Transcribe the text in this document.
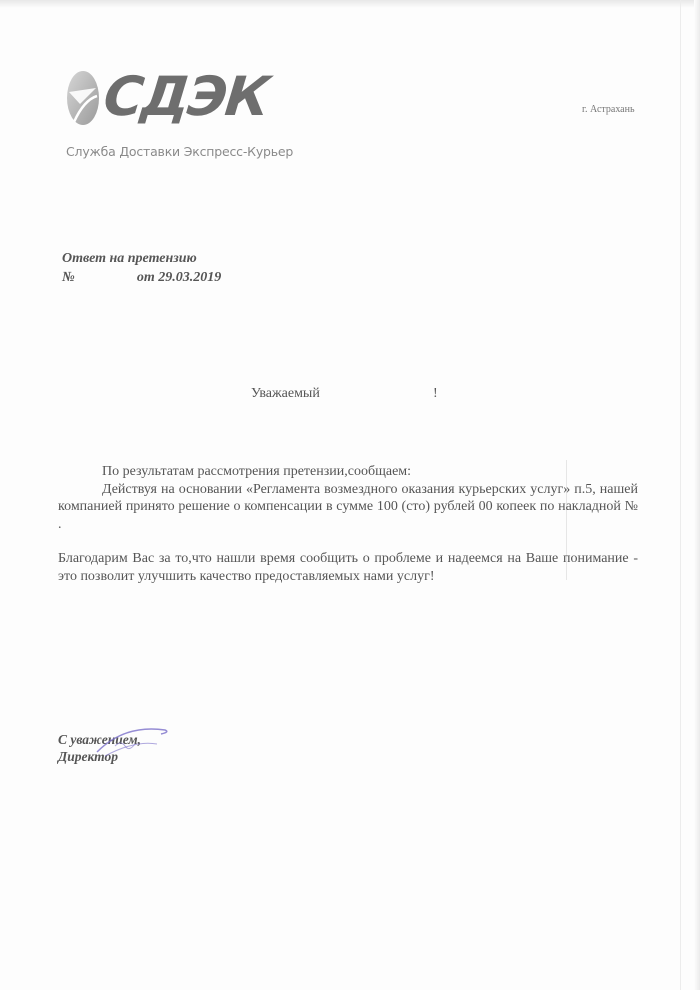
СДЭК
Служба Доставки Экспресс-Курьер
г. Астрахань
Ответ на претензию
№	от 29.03.2019
Уважаемый	!

По результатам рассмотрения претензии,сообщаем:

Действуя на основании «Регламента возмездного оказания курьерских услуг» п.5, нашей компанией принято решение о компенсации в сумме 100 (сто) рублей 00 копеек по накладной № .

Благодарим Вас за то,что нашли время сообщить о проблеме и надеемся на Ваше понимание - это позволит улучшить качество предоставляемых нами услуг!

С уважением,
Директор
